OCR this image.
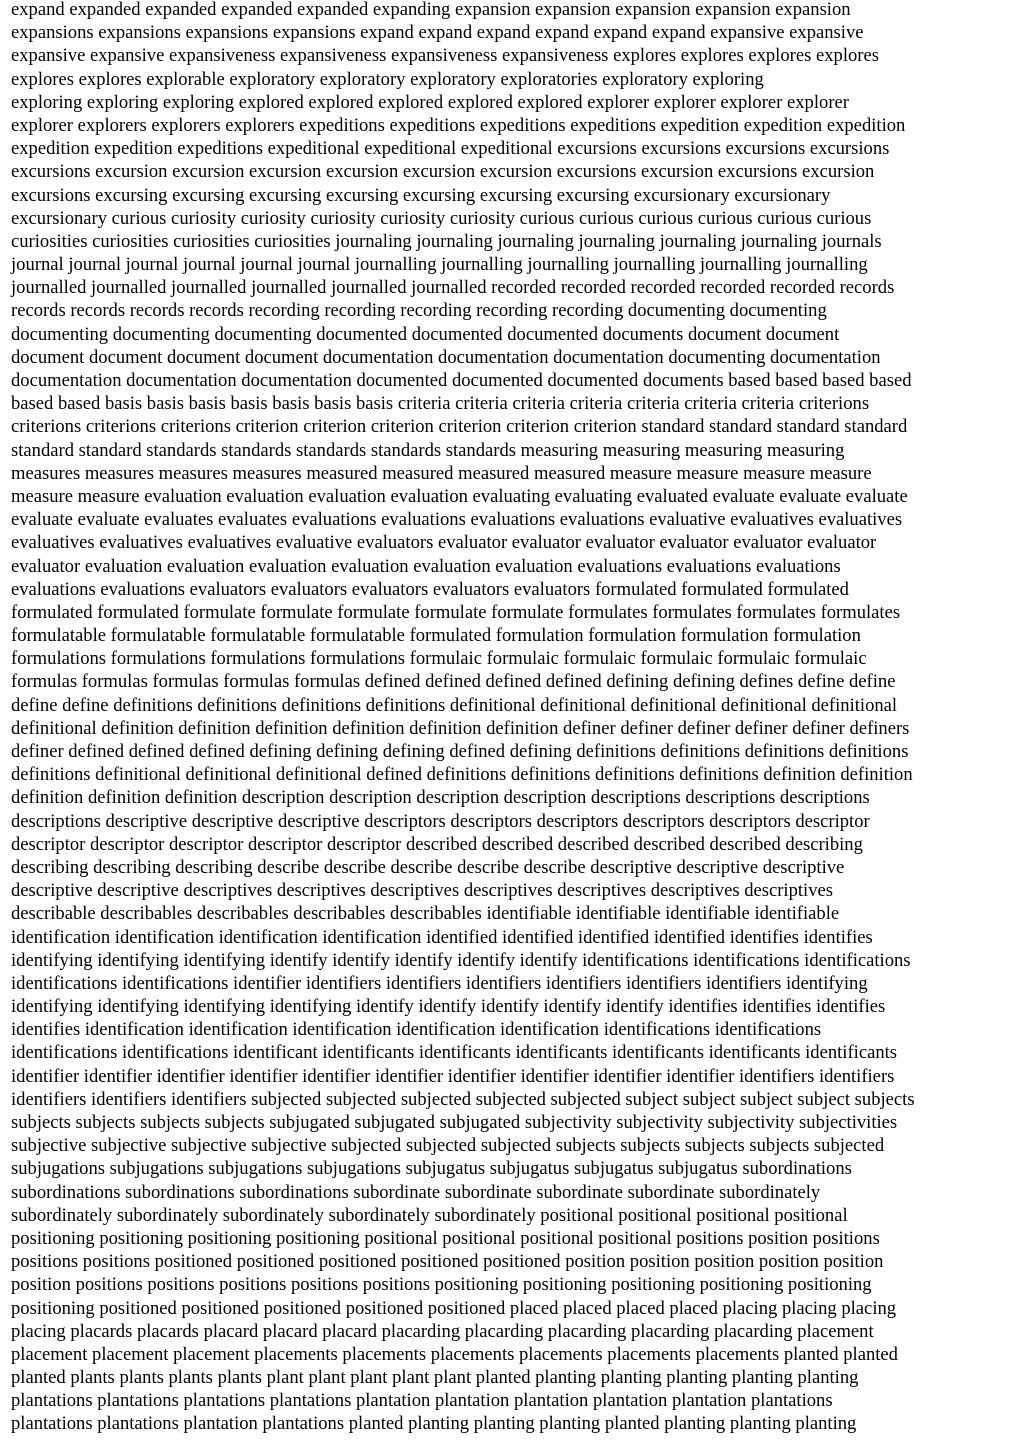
expand expanded expanded expanded expanded expanding expansion expansion expansion expansion expansion
expansions expansions expansions expansions expand expand expand expand expand expand expansive expansive
expansive expansive expansiveness expansiveness expansiveness expansiveness explores explores explores explores
explores explores explorable exploratory exploratory exploratory exploratories exploratory exploring
exploring exploring exploring explored explored explored explored explored explorer explorer explorer explorer
explorer explorers explorers explorers expeditions expeditions expeditions expeditions expedition expedition expedition
expedition expedition expeditions expeditional expeditional expeditional excursions excursions excursions excursions
excursions excursion excursion excursion excursion excursion excursion excursions excursion excursions excursion
excursions excursing excursing excursing excursing excursing excursing excursing excursionary excursionary
excursionary curious curiosity curiosity curiosity curiosity curiosity curious curious curious curious curious curious
curiosities curiosities curiosities curiosities journaling journaling journaling journaling journaling journaling journals
journal journal journal journal journal journal journalling journalling journalling journalling journalling journalling
journalled journalled journalled journalled journalled journalled recorded recorded recorded recorded recorded records
records records records records recording recording recording recording recording documenting documenting
documenting documenting documenting documented documented documented documents document document
document document document document documentation documentation documentation documenting documentation
documentation documentation documentation documented documented documented documents based based based based
based based basis basis basis basis basis basis basis criteria criteria criteria criteria criteria criteria criteria criterions
criterions criterions criterions criterion criterion criterion criterion criterion criterion standard standard standard standard
standard standard standards standards standards standards standards measuring measuring measuring measuring
measures measures measures measures measured measured measured measured measure measure measure measure
measure measure evaluation evaluation evaluation evaluation evaluating evaluating evaluated evaluate evaluate evaluate
evaluate evaluate evaluates evaluates evaluations evaluations evaluations evaluations evaluative evaluatives evaluatives
evaluatives evaluatives evaluatives evaluative evaluators evaluator evaluator evaluator evaluator evaluator evaluator
evaluator evaluation evaluation evaluation evaluation evaluation evaluation evaluations evaluations evaluations
evaluations evaluations evaluators evaluators evaluators evaluators evaluators formulated formulated formulated
formulated formulated formulate formulate formulate formulate formulate formulates formulates formulates formulates
formulatable formulatable formulatable formulatable formulated formulation formulation formulation formulation
formulations formulations formulations formulations formulaic formulaic formulaic formulaic formulaic formulaic
formulas formulas formulas formulas formulas defined defined defined defined defining defining defines define define
define define definitions definitions definitions definitions definitional definitional definitional definitional definitional
definitional definition definition definition definition definition definition definer definer definer definer definer definers
definer defined defined defined defining defining defining defined defining definitions definitions definitions definitions
definitions definitional definitional definitional defined definitions definitions definitions definitions definition definition
definition definition definition description description description description descriptions descriptions descriptions
descriptions descriptive descriptive descriptive descriptors descriptors descriptors descriptors descriptors descriptor
descriptor descriptor descriptor descriptor descriptor described described described described described describing
describing describing describing describe describe describe describe describe descriptive descriptive descriptive
descriptive descriptive descriptives descriptives descriptives descriptives descriptives descriptives descriptives
describable describables describables describables describables identifiable identifiable identifiable identifiable
identification identification identification identification identified identified identified identified identifies identifies
identifying identifying identifying identify identify identify identify identify identifications identifications identifications
identifications identifications identifier identifiers identifiers identifiers identifiers identifiers identifiers identifying
identifying identifying identifying identifying identify identify identify identify identify identifies identifies identifies
identifies identification identification identification identification identification identifications identifications
identifications identifications identificant identificants identificants identificants identificants identificants identificants
identifier identifier identifier identifier identifier identifier identifier identifier identifier identifier identifiers identifiers
identifiers identifiers identifiers subjected subjected subjected subjected subjected subject subject subject subject subjects
subjects subjects subjects subjects subjugated subjugated subjugated subjectivity subjectivity subjectivity subjectivities
subjective subjective subjective subjective subjected subjected subjected subjects subjects subjects subjects subjected
subjugations subjugations subjugations subjugations subjugatus subjugatus subjugatus subjugatus subordinations
subordinations subordinations subordinations subordinate subordinate subordinate subordinate subordinately
subordinately subordinately subordinately subordinately subordinately positional positional positional positional
positioning positioning positioning positioning positional positional positional positional positions position positions
positions positions positioned positioned positioned positioned positioned position position position position position
position positions positions positions positions positions positioning positioning positioning positioning positioning
positioning positioned positioned positioned positioned positioned placed placed placed placed placing placing placing
placing placards placards placard placard placard placarding placarding placarding placarding placarding placement
placement placement placement placements placements placements placements placements placements planted planted
planted plants plants plants plants plant plant plant plant plant planted planting planting planting planting planting
plantations plantations plantations plantations plantation plantation plantation plantation plantation plantations
plantations plantations plantation plantations planted planting planting planting planted planting planting planting
